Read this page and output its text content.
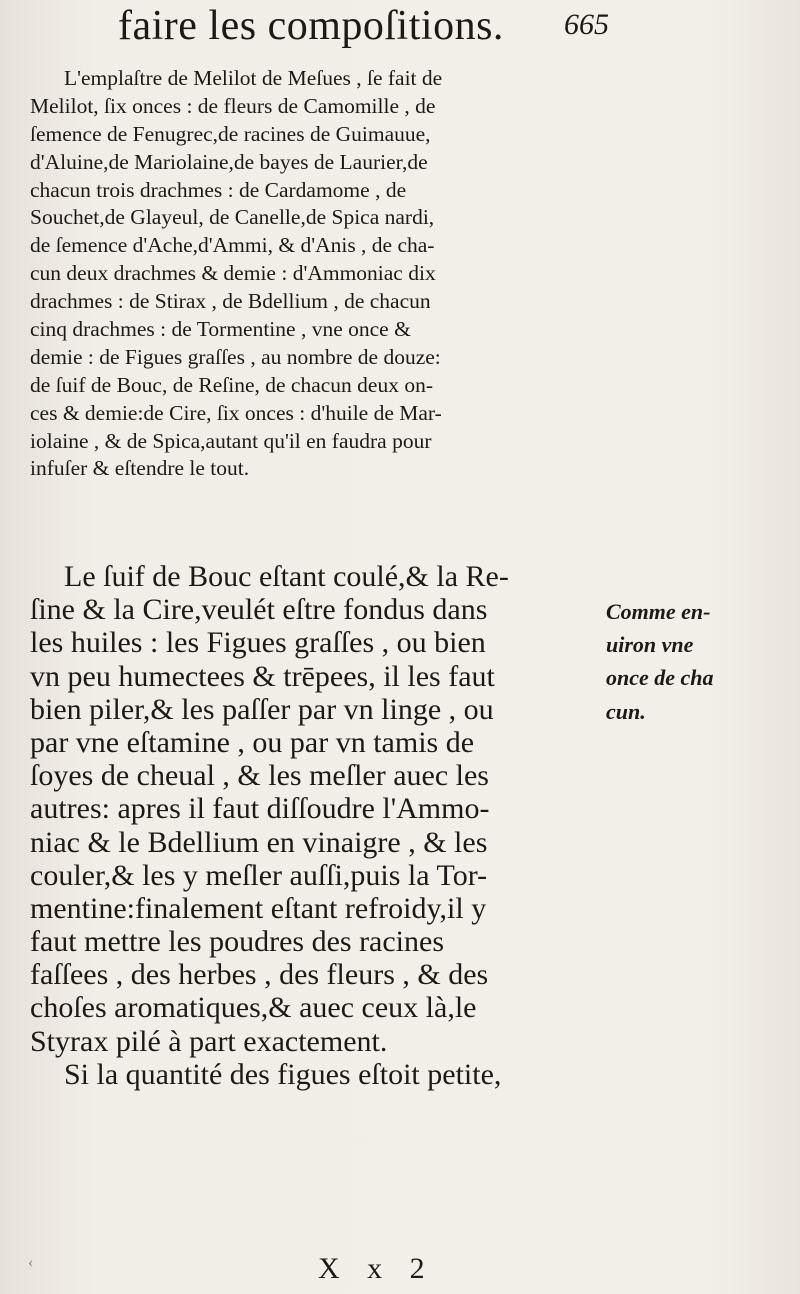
faire les compoſitions. 665
L'emplaſtre de Melilot de Meſues , ſe fait de
Melilot, ſix onces : de fleurs de Camomille , de
ſemence de Fenugrec,de racines de Guimauue,
d'Aluine,de Mariolaine,de bayes de Laurier,de
chacun trois drachmes : de Cardamome , de
Souchet,de Glayeul, de Canelle,de Spica nardi,
de ſemence d'Ache,d'Ammi, & d'Anis , de cha-
cun deux drachmes & demie : d'Ammoniac dix
drachmes : de Stirax , de Bdellium , de chacun
cinq drachmes : de Tormentine , vne once &
demie : de Figues graſſes , au nombre de douze:
de ſuif de Bouc, de Reſine, de chacun deux on-
ces & demie:de Cire, ſix onces : d'huile de Mar-
iolaine , & de Spica,autant qu'il en faudra pour
infuſer & eſtendre le tout.
Le ſuif de Bouc eſtant coulé,& la Re-
ſine & la Cire,veulét eſtre fondus dans
les huiles : les Figues graſſes , ou bien
vn peu humectees & trēpees, il les faut
bien piler,& les paſſer par vn linge , ou
par vne eſtamine , ou par vn tamis de
ſoyes de cheual , & les meſler auec les
autres: apres il faut diſſoudre l'Ammo-
niac & le Bdellium en vinaigre , & les
couler,& les y meſler auſſi,puis la Tor-
mentine:finalement eſtant refroidy,il y
faut mettre les poudres des racines
faſſees , des herbes , des fleurs , & des
choſes aromatiques,& auec ceux là,le
Styrax pilé à part exactement.
Si la quantité des figues eſtoit petite,
Comme en-
uiron vne
once de cha
cun.
X x 2
‹
